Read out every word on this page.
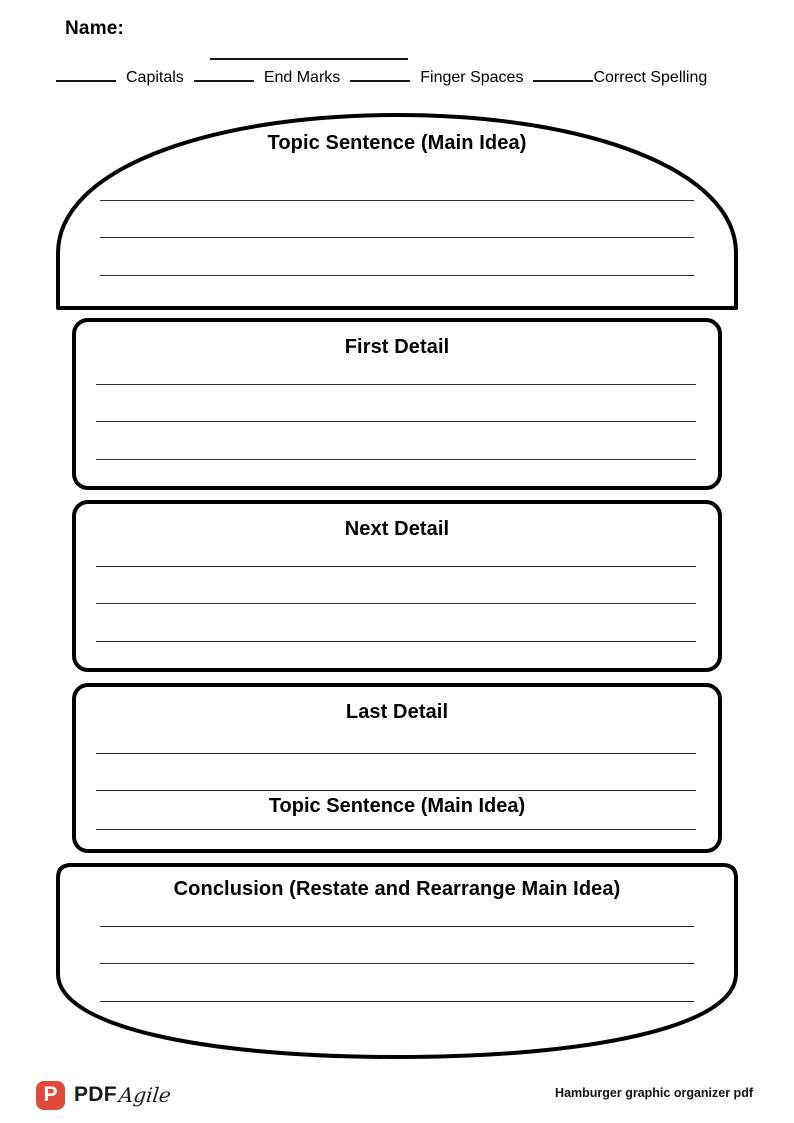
Name:
Capitals	End Marks	Finger Spaces	Correct Spelling
Topic Sentence (Main Idea)
First Detail
Next Detail
Last Detail
Topic Sentence (Main Idea)
Conclusion (Restate and Rearrange Main Idea)
P PDF Agile	Hamburger graphic organizer pdf
